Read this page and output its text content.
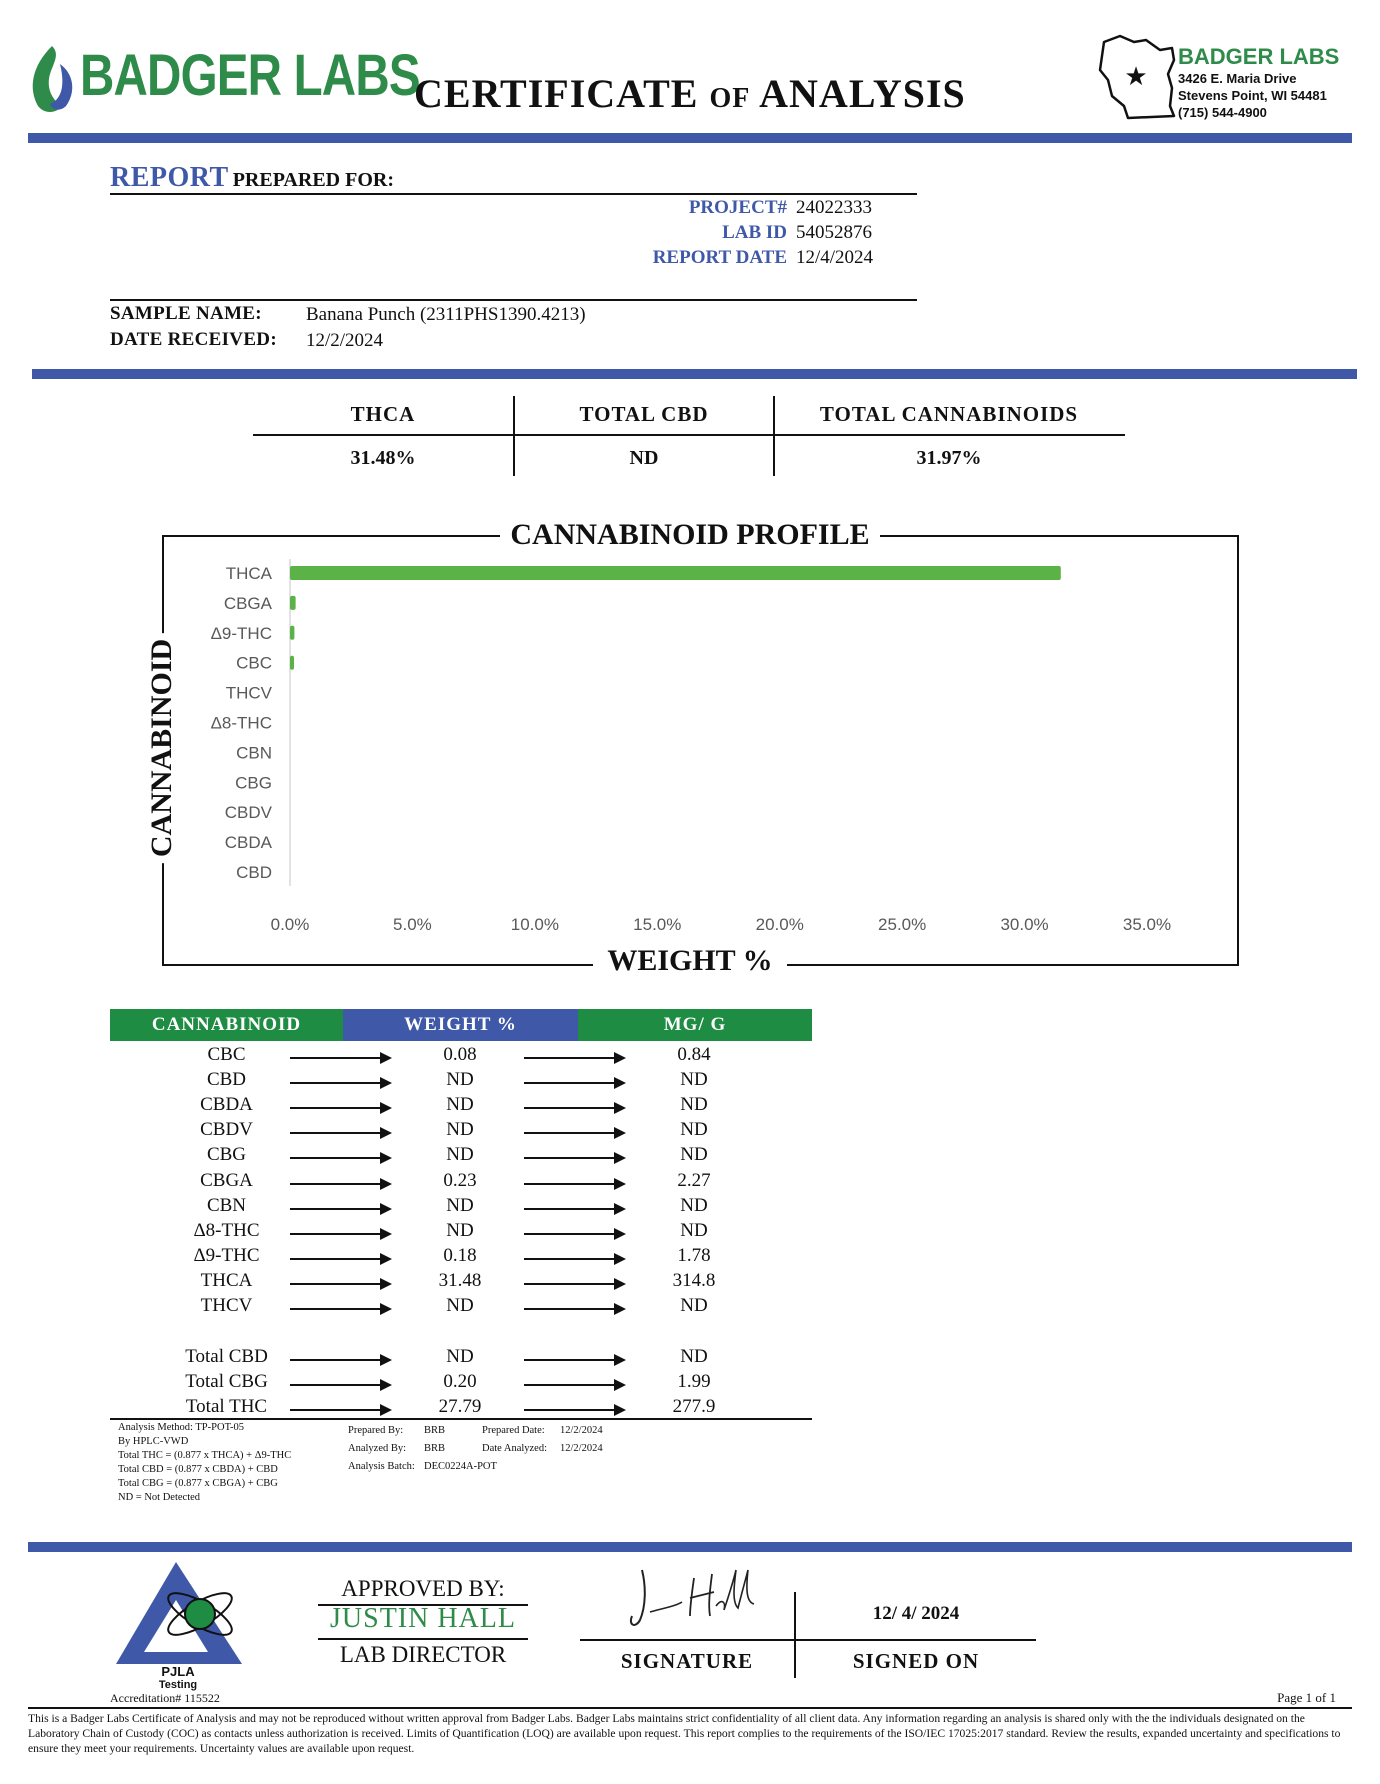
BADGER LABS
CERTIFICATE OF ANALYSIS	★
BADGER LABS
3426 E. Maria Drive
Stevens Point, WI 54481
(715) 544-4900
REPORT PREPARED FOR:
PROJECT# 24022333
LAB ID 54052876
REPORT DATE 12/4/2024
SAMPLE NAME: Banana Punch (2311PHS1390.4213)
DATE RECEIVED: 12/2/2024
THCA	TOTAL CBD	TOTAL CANNABINOIDS
31.48%	ND	31.97%
THCA
CBGA
Δ9-THC
CBC
THCV
Δ8-THC
CBN
CBG
CBDV
CBDA
CBD
0.0%	5.0%	10.0%	15.0%	20.0%	25.0%	30.0%	35.0%
CANNABINOID PROFILE
WEIGHT %
CANNABINOID
CANNABINOID	WEIGHT %	MG/ G
CBC	0.08	0.84
CBD	ND	ND
CBDA	ND	ND
CBDV	ND	ND
CBG	ND	ND
CBGA	0.23	2.27
CBN	ND	ND
Δ8-THC	ND	ND
Δ9-THC	0.18	1.78
THCA	31.48	314.8
THCV	ND	ND
Total CBD	ND	ND
Total CBG	0.20	1.99
Total THC	27.79	277.9
Analysis Method: TP-POT-05
By HPLC-VWD
Total THC = (0.877 x THCA) + Δ9-THC
Total CBD = (0.877 x CBDA) + CBD
Total CBG = (0.877 x CBGA) + CBG
ND = Not Detected
Prepared By: BRB	Prepared Date: 12/2/2024
Analyzed By: BRB	Date Analyzed: 12/2/2024
Analysis Batch: DEC0224A-POT
PJLA
Testing
Accreditation# 115522
APPROVED BY:
JUSTIN HALL
LAB DIRECTOR
12/ 4/ 2024
SIGNATURE	SIGNED ON
Page 1 of 1
This is a Badger Labs Certificate of Analysis and may not be reproduced without written approval from Badger Labs. Badger Labs maintains strict confidentiality of all client data. Any information regarding an analysis is shared only with the the individuals designated on the Laboratory Chain of Custody (COC) as contacts unless authorization is received. Limits of Quantification (LOQ) are available upon request. This report complies to the requirements of the ISO/IEC 17025:2017 standard. Review the results, expanded uncertainty and specifications to ensure they meet your requirements. Uncertainty values are available upon request.
